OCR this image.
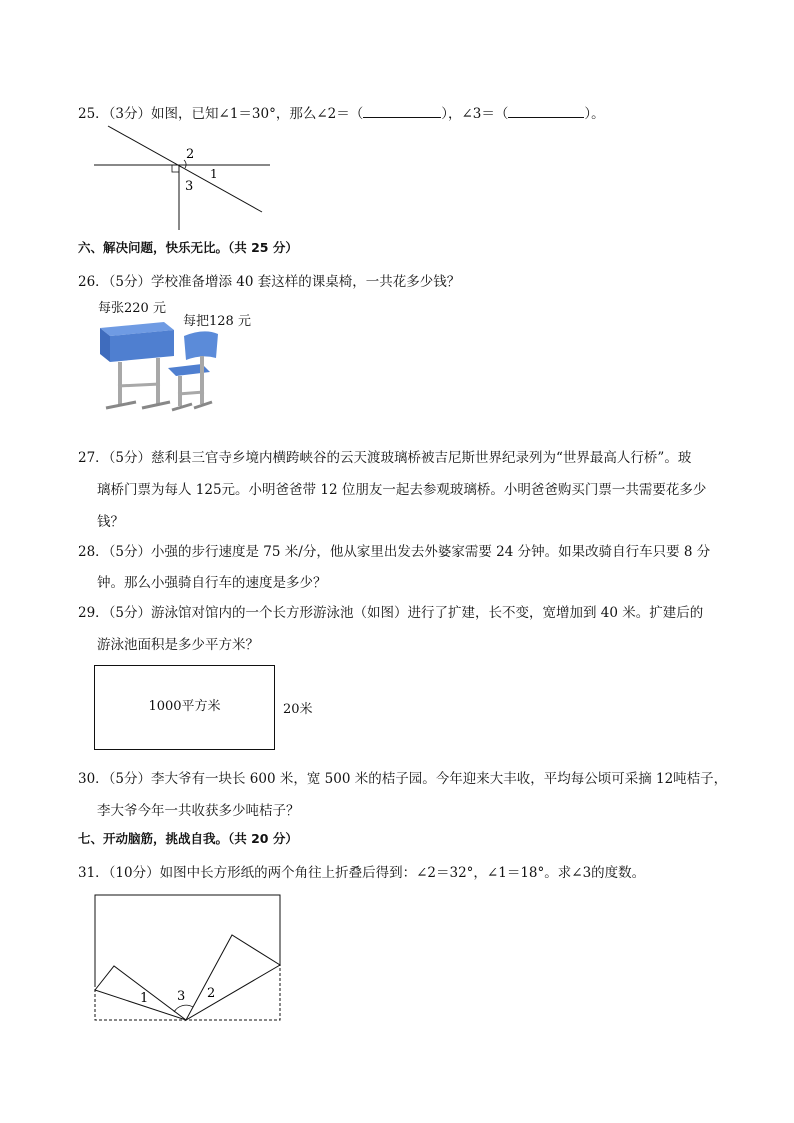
25．（3分）如图，已知∠1＝30°，那么∠2＝（	），∠3＝（	）。
2
1
3
六、解决问题，快乐无比。（共 25 分）
26．（5分）学校准备增添 40 套这样的课桌椅，一共花多少钱？
每张220 元
每把128 元
27．（5分）慈利县三官寺乡境内横跨峡谷的云天渡玻璃桥被吉尼斯世界纪录列为“世界最高人行桥”。玻
璃桥门票为每人 125元。小明爸爸带 12 位朋友一起去参观玻璃桥。小明爸爸购买门票一共需要花多少
钱？
28．（5分）小强的步行速度是 75 米/分，他从家里出发去外婆家需要 24 分钟。如果改骑自行车只要 8 分
钟。那么小强骑自行车的速度是多少？
29．（5分）游泳馆对馆内的一个长方形游泳池（如图）进行了扩建，长不变，宽增加到 40 米。扩建后的
游泳池面积是多少平方米？
1000平方米	20米
30．（5分）李大爷有一块长 600 米，宽 500 米的桔子园。今年迎来大丰收，平均每公顷可采摘 12吨桔子，
李大爷今年一共收获多少吨桔子？
七、开动脑筋，挑战自我。（共 20 分）
31．（10分）如图中长方形纸的两个角往上折叠后得到：∠2＝32°，∠1＝18°。求∠3的度数。
1 3 2
